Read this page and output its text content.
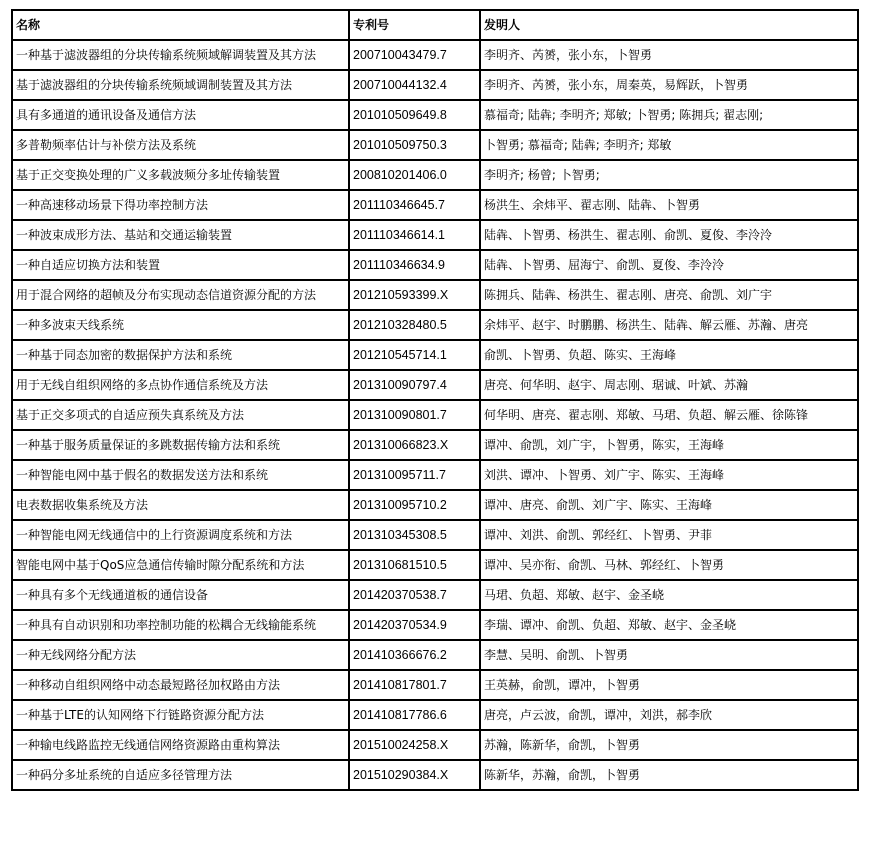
名称	专利号	发明人
一种基于滤波器组的分块传输系统频域解调装置及其方法	200710043479.7	李明齐、芮赟，张小东，卜智勇
基于滤波器组的分块传输系统频域调制装置及其方法	200710044132.4	李明齐、芮赟，张小东，周秦英，易辉跃，卜智勇
具有多通道的通讯设备及通信方法	201010509649.8	慕福奇; 陆犇; 李明齐; 郑敏; 卜智勇; 陈拥兵; 翟志刚;
多普勒频率估计与补偿方法及系统	201010509750.3	卜智勇; 慕福奇; 陆犇; 李明齐; 郑敏
基于正交变换处理的广义多载波频分多址传输装置	200810201406.0	李明齐; 杨曾; 卜智勇;
一种高速移动场景下得功率控制方法	201110346645.7	杨洪生、余炜平、翟志刚、陆犇、卜智勇
一种波束成形方法、基站和交通运输装置	201110346614.1	陆犇、卜智勇、杨洪生、翟志刚、俞凯、夏俊、李泠泠
一种自适应切换方法和装置	201110346634.9	陆犇、卜智勇、屈海宁、俞凯、夏俊、李泠泠
用于混合网络的超帧及分布实现动态信道资源分配的方法	201210593399.X	陈拥兵、陆犇、杨洪生、翟志刚、唐亮、俞凯、刘广宇
一种多波束天线系统	201210328480.5	余炜平、赵宇、时鹏鹏、杨洪生、陆犇、解云雁、苏瀚、唐亮
一种基于同态加密的数据保护方法和系统	201210545714.1	俞凯、卜智勇、负超、陈实、王海峰
用于无线自组织网络的多点协作通信系统及方法	201310090797.4	唐亮、何华明、赵宇、周志刚、琚诚、叶斌、苏瀚
基于正交多项式的自适应预失真系统及方法	201310090801.7	何华明、唐亮、翟志刚、郑敏、马珺、负超、解云雁、徐陈锋
一种基于服务质量保证的多跳数据传输方法和系统	201310066823.X	谭冲、俞凯，刘广宇，卜智勇，陈实，王海峰
一种智能电网中基于假名的数据发送方法和系统	201310095711.7	刘洪、谭冲、卜智勇、刘广宇、陈实、王海峰
电表数据收集系统及方法	201310095710.2	谭冲、唐亮、俞凯、刘广宇、陈实、王海峰
一种智能电网无线通信中的上行资源调度系统和方法	201310345308.5	谭冲、刘洪、俞凯、郭经红、卜智勇、尹菲
智能电网中基于QoS应急通信传输时隙分配系统和方法	201310681510.5	谭冲、吴亦衔、俞凯、马林、郭经红、卜智勇
一种具有多个无线通道板的通信设备	201420370538.7	马珺、负超、郑敏、赵宇、金圣峣
一种具有自动识别和功率控制功能的松耦合无线输能系统	201420370534.9	李瑞、谭冲、俞凯、负超、郑敏、赵宇、金圣峣
一种无线网络分配方法	201410366676.2	李慧、吴明、俞凯、卜智勇
一种移动自组织网络中动态最短路径加权路由方法	201410817801.7	王英赫，俞凯，谭冲，卜智勇
一种基于LTE的认知网络下行链路资源分配方法	201410817786.6	唐亮，卢云波，俞凯，谭冲，刘洪，郝李欣
一种输电线路监控无线通信网络资源路由重构算法	201510024258.X	苏瀚，陈新华，俞凯，卜智勇
一种码分多址系统的自适应多径管理方法	201510290384.X	陈新华，苏瀚，俞凯，卜智勇
